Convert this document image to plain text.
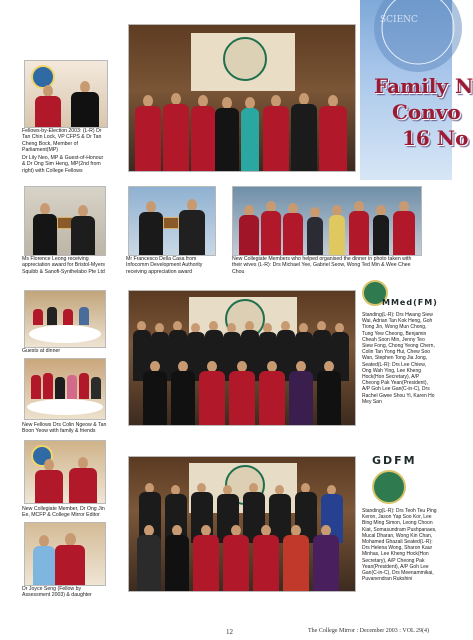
Fellows-by-Election 2003: (L-R) Dr Tan Chin Lock, VP CFPS & Dr Tan Cheng Bock, Member of Parliament(MP)

Dr Lily Neo, MP & Guest-of-Honour & Dr Ong Sim Heng, MP(2nd from right) with College Fellows

SCIENC
Family N
Convo
16 No

Ms Florence Leong receiving appreciation award for Bristol-Myers Squibb & Sanofi-Synthelabo Pte Ltd

Mr Francesco Della Casa from Infocomm Development Authority receiving appreciation award

New Collegiate Members who helped organised the dinner in photo taken with their wives (L-R): Drs Michael Yee, Gabriel Seow, Wong Ted Min & Wee Chee Chou

Guests at dinner

New Fellows Drs Colin Ngeow & Tan Boon Yeow with family & friends

MMed(FM)

Standing(L-R): Drs Hwang Siew Wai, Adrian Tan Kok Heng, Goh Tiong Jin, Wong Mun Chong, Tung Yew Cheong, Benjamin Cheah Soon Min, Jenny Teo Siew Fong, Chong Yeong Chern, Colin Tan Yong Hui, Chew Soo Wan, Stephen Tong Jia Jong, Seated(L-R): Drs Lee Chiew, Ong Wah Ying, Lee Kheng Hock(Hon Secretary), A/P Cheong Pak Yean(President), A/P Goh Lee Gan(C-in-C), Drs Rachel Gwee Shou Yi, Karen Ho Mey San

New Collegiate Member, Dr Ong Jin Ee, MCFP & College Mirror Editor

Dr Joyce Seng (Fellow by Assessment 2003) & daughter

GDFM

Standing(L-R): Drs Teoh Teu Ping Keron, Jason Yap Soo Kor, Lee Bing Ming Simon, Leong Choon Kiat, Somasundram Pushpanaes, Mucal Dharan, Wong Kin Chan, Mohamed Ghazali Seated(L-R): Drs Helena Wong, Sharon Kaur Minhas, Lee Kheng Hock(Hon Secretary), A/P Cheong Pak Yean(President), A/P Goh Lee Gan(C-in-C), Drs Meenammikai, Puvanendran Rukshini

12	The College Mirror : December 2003 : VOL 29(4)
